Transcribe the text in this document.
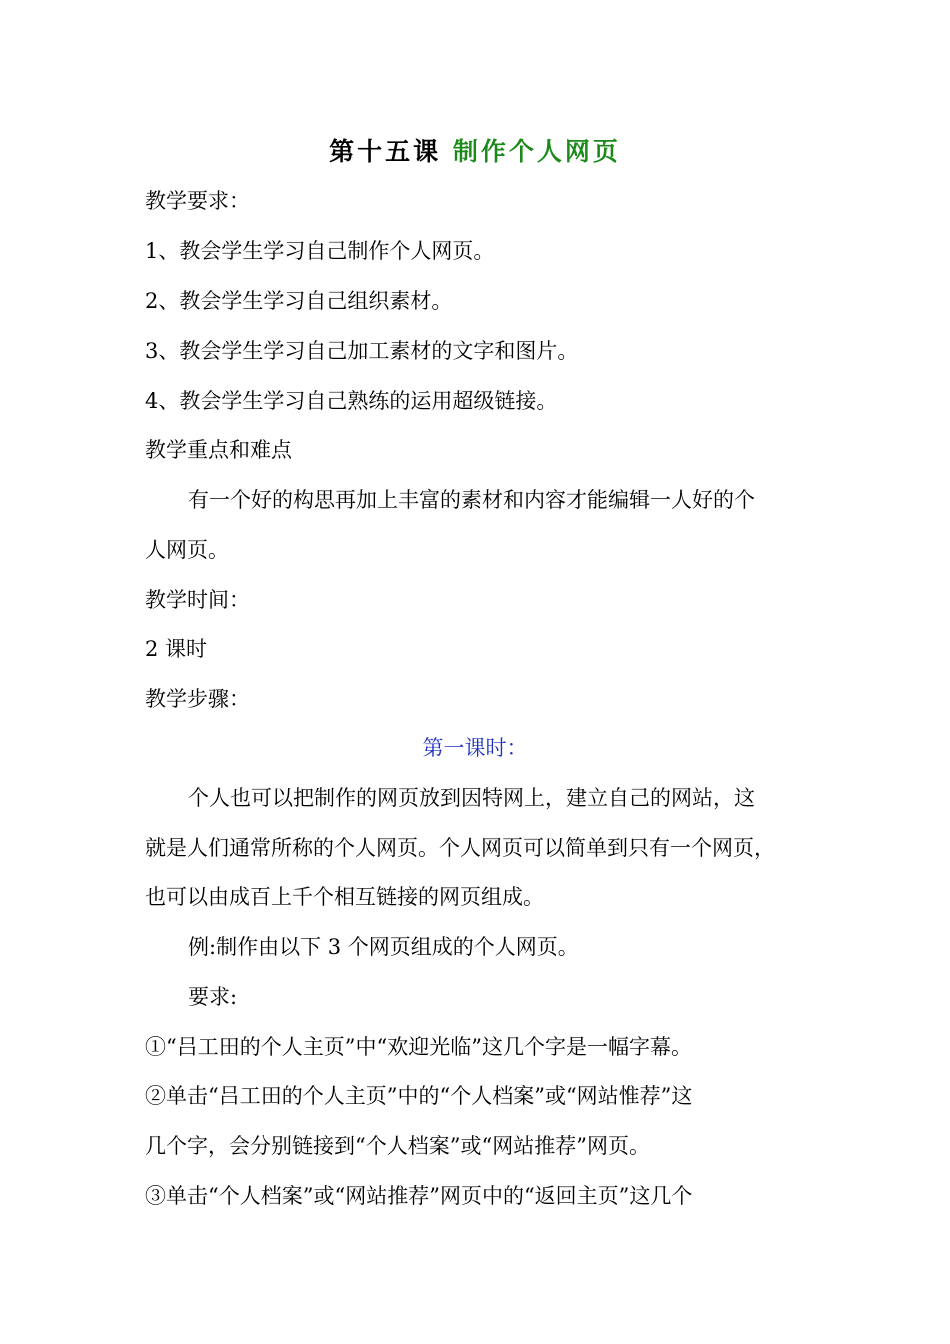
第十五课 制作个人网页
教学要求：
1、教会学生学习自己制作个人网页。
2、教会学生学习自己组织素材。
3、教会学生学习自己加工素材的文字和图片。
4、教会学生学习自己熟练的运用超级链接。
教学重点和难点
有一个好的构思再加上丰富的素材和内容才能编辑一人好的个
人网页。
教学时间：
2 课时
教学步骤：
第一课时：
个人也可以把制作的网页放到因特网上，建立自己的网站，这
就是人们通常所称的个人网页。个人网页可以简单到只有一个网页，
也可以由成百上千个相互链接的网页组成。
例:制作由以下 3 个网页组成的个人网页。
要求:
①“吕工田的个人主页”中“欢迎光临”这几个字是一幅字幕。
②单击“吕工田的个人主页”中的“个人档案”或“网站惟荐”这
几个字，会分别链接到“个人档案”或“网站推荐”网页。
③单击“个人档案”或“网站推荐”网页中的“返回主页”这几个
